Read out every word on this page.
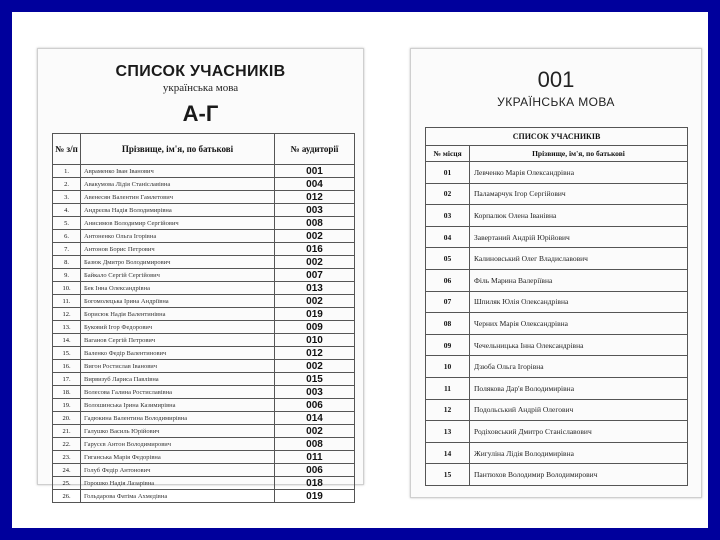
СПИСОК УЧАСНИКІВ
українська мова
А-Г
№ з/п	Прізвище, ім'я, по батькові	№ аудиторії
1.	Авраменко Іван Іванович	001
2.	Авакумова Лідія Станіславівна	004
3.	Авенесян Валентин Гамлетович	012
4.	Андрєєва Надія Володимирівна	003
5.	Анисимов Володимир Сергійович	008
6.	Антоненко Ольга Ігорівна	002
7.	Антонов Борис Петрович	016
8.	Базюк Дмитро Володимирович	002
9.	Байкало Сергій Сергійович	007
10.	Бек Інна Олександрівна	013
11.	Богомолецька Ірина Андріївна	002
12.	Борисюк Надія Валентинівна	019
13.	Буковий Ігор Федорович	009
14.	Ваганов Сергій Петрович	010
15.	Валенко Федір Валентинович	012
16.	Вигон Ростислав Іванович	002
17.	Вирвизуб Лариса Павлівна	015
18.	Волесова Галина Ростиславівна	003
19.	Волошинська Ірина Казимирівна	006
20.	Гадюкина Валентина Володимирівна	014
21.	Галушко Василь Юрійович	002
22.	Гарусєв Антон Володимирович	008
23.	Гиганська Марія Федорівна	011
24.	Голуб Федір Антонович	006
25.	Горошко Надія Лазарівна	018
26.	Гольдарова Фатіма Ахмедівна	019
001
УКРАЇНСЬКА МОВА
СПИСОК УЧАСНИКІВ	
№ місця	Прізвище, ім'я, по батькові
01	Левченко Марія Олександрівна
02	Паламарчук Ігор Сергійович
03	Корпалюк Олена Іванівна
04	Завертаний Андрій Юрійович
05	Калиновський Олег Владиславович
06	Філь Марина Валеріївна
07	Шпиляк Юлія Олександрівна
08	Черних Марія Олександрівна
09	Чечельницька Інна Олександрівна
10	Дзюба Ольга Ігорівна
11	Полякова Дар'я Володимирівна
12	Подольський Андрій Олегович
13	Родіховський Дмитро Станіславович
14	Жигуліна Лідія Володимирівна
15	Пантюхов Володимир Володимирович
